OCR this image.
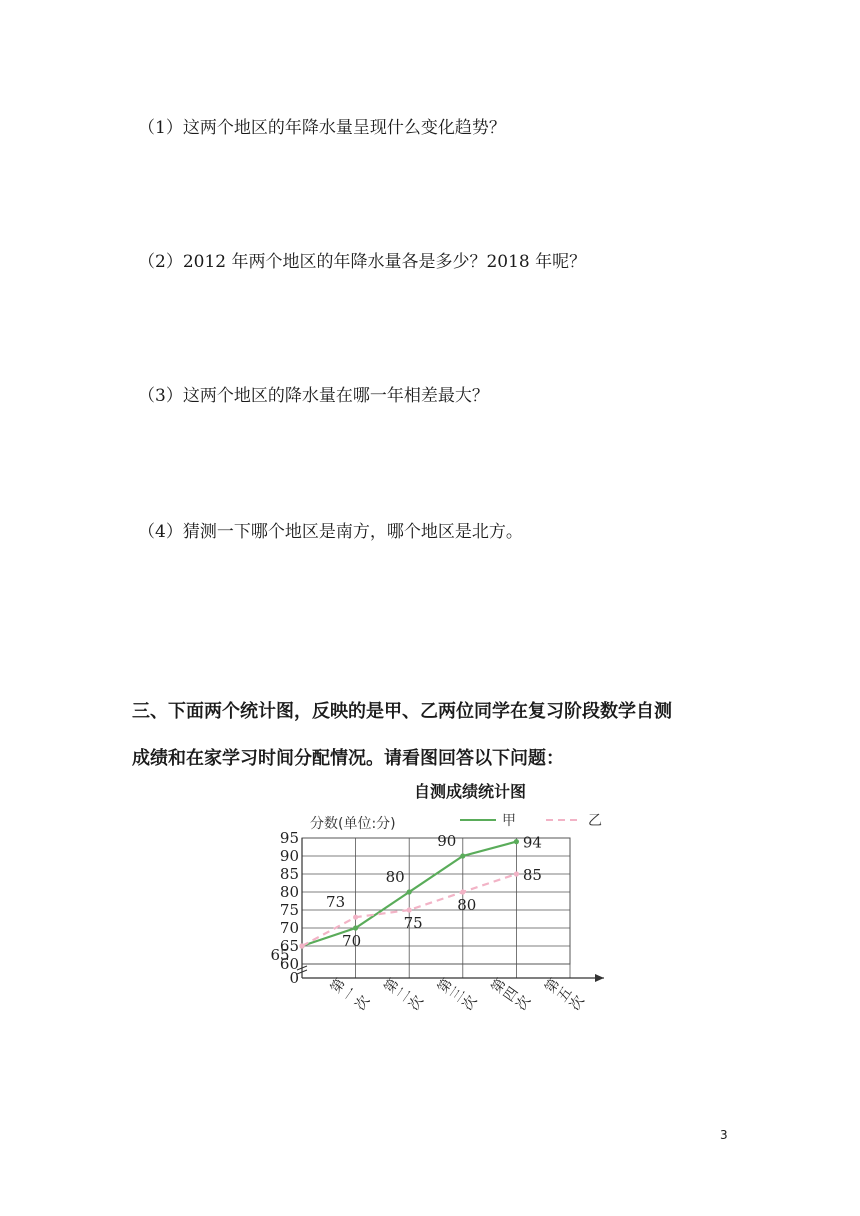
（1）这两个地区的年降水量呈现什么变化趋势？

（2）2012 年两个地区的年降水量各是多少？2018 年呢？

（3）这两个地区的降水量在哪一年相差最大？

（4）猜测一下哪个地区是南方，哪个地区是北方。

三、下面两个统计图，反映的是甲、乙两位同学在复习阶段数学自测

成绩和在家学习时间分配情况。请看图回答以下问题：

自测成绩统计图

95
90
85
80
75
70
65
60
0 第一次
第二次
第三次
第四次
第五次
65
70
80
90	94
73
75
80
85
甲	乙
分数(单位:分)

3
